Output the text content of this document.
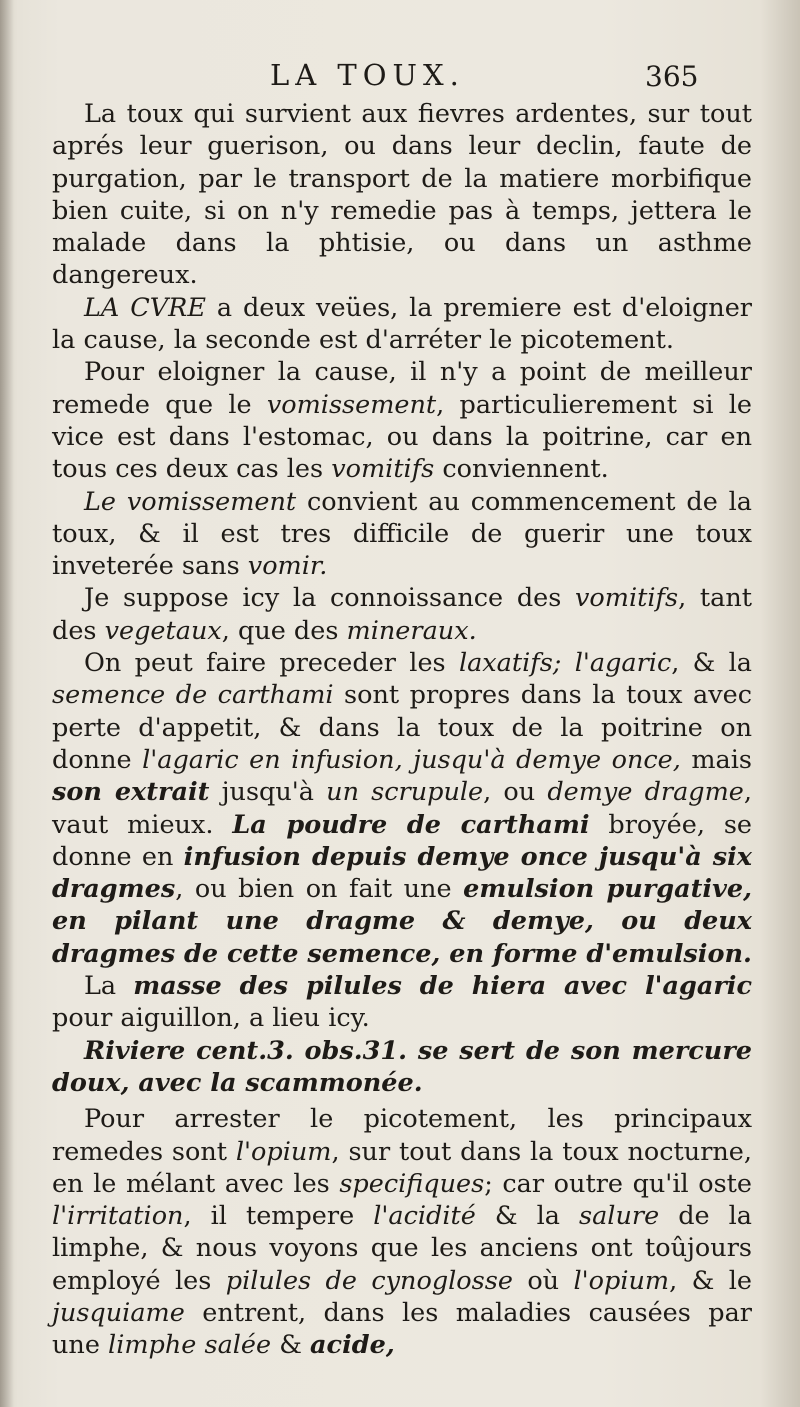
LA TOUX.	365

La toux qui survient aux fievres ardentes, sur tout aprés leur guerison, ou dans leur declin, faute de purgation, par le transport de la matiere morbifique bien cuite, si on n'y remedie pas à temps, jettera le malade dans la phtisie, ou dans un asthme dangereux.

LA CVRE a deux veües, la premiere est d'eloigner la cause, la seconde est d'arréter le picotement.

Pour eloigner la cause, il n'y a point de meilleur remede que le vomissement, particulierement si le vice est dans l'estomac, ou dans la poitrine, car en tous ces deux cas les vomitifs conviennent.

Le vomissement convient au commencement de la toux, & il est tres difficile de guerir une toux inveterée sans vomir.

Je suppose icy la connoissance des vomitifs, tant des vegetaux, que des mineraux.

On peut faire preceder les laxatifs; l'agaric, & la semence de carthami sont propres dans la toux avec perte d'appetit, & dans la toux de la poitrine on donne l'agaric en infusion, jusqu'à demye once, mais son extrait jusqu'à un scrupule, ou demye dragme, vaut mieux. La poudre de carthami broyée, se donne en infusion depuis demye once jusqu'à six dragmes, ou bien on fait une emulsion purgative, en pilant une dragme & demye, ou deux dragmes de cette semence, en forme d'emulsion.

La masse des pilules de hiera avec l'agaric pour aiguillon, a lieu icy.

Riviere cent.3. obs.31. se sert de son mercure doux, avec la scammonée.

Pour arrester le picotement, les principaux remedes sont l'opium, sur tout dans la toux nocturne, en le mélant avec les specifiques; car outre qu'il oste l'irritation, il tempere l'acidité & la salure de la limphe, & nous voyons que les anciens ont toûjours employé les pilules de cynoglosse où l'opium, & le jusquiame entrent, dans les maladies causées par une limphe salée & acide,
